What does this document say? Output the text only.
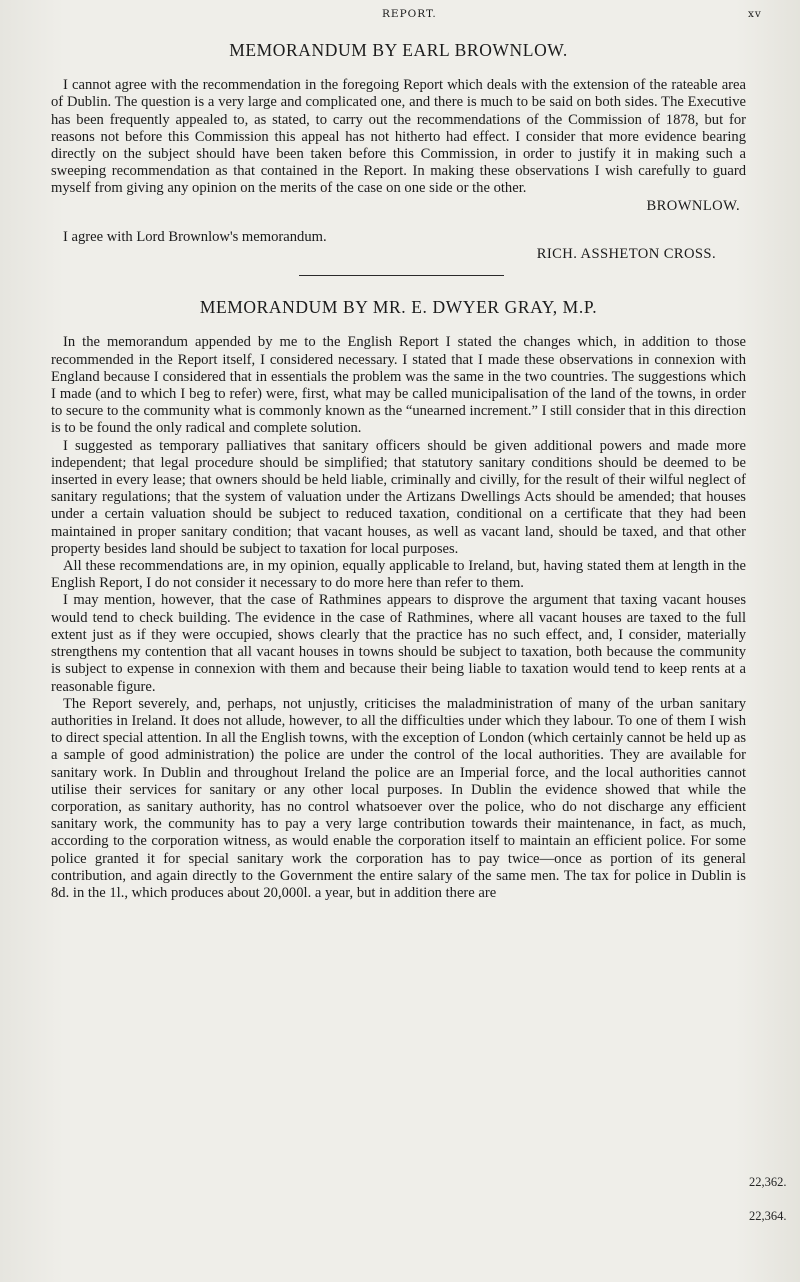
REPORT.	xv
MEMORANDUM BY EARL BROWNLOW.

I cannot agree with the recommendation in the foregoing Report which deals with the extension of the rateable area of Dublin. The question is a very large and complicated one, and there is much to be said on both sides. The Executive has been frequently appealed to, as stated, to carry out the recommendations of the Commission of 1878, but for reasons not before this Commission this appeal has not hitherto had effect. I consider that more evidence bearing directly on the subject should have been taken before this Commission, in order to justify it in making such a sweeping recommendation as that contained in the Report. In making these observations I wish carefully to guard myself from giving any opinion on the merits of the case on one side or the other.

BROWNLOW.

I agree with Lord Brownlow's memorandum.

RICH. ASSHETON CROSS.

MEMORANDUM BY MR. E. DWYER GRAY, M.P.

In the memorandum appended by me to the English Report I stated the changes which, in addition to those recommended in the Report itself, I considered necessary. I stated that I made these observations in connexion with England because I considered that in essentials the problem was the same in the two countries. The suggestions which I made (and to which I beg to refer) were, first, what may be called municipalisation of the land of the towns, in order to secure to the community what is commonly known as the “unearned increment.” I still consider that in this direction is to be found the only radical and complete solution.

I suggested as temporary palliatives that sanitary officers should be given additional powers and made more independent; that legal procedure should be simplified; that statutory sanitary conditions should be deemed to be inserted in every lease; that owners should be held liable, criminally and civilly, for the result of their wilful neglect of sanitary regulations; that the system of valuation under the Artizans Dwellings Acts should be amended; that houses under a certain valuation should be subject to reduced taxation, conditional on a certificate that they had been maintained in proper sanitary condition; that vacant houses, as well as vacant land, should be taxed, and that other property besides land should be subject to taxation for local purposes.

All these recommendations are, in my opinion, equally applicable to Ireland, but, having stated them at length in the English Report, I do not consider it necessary to do more here than refer to them.

I may mention, however, that the case of Rathmines appears to disprove the argument that taxing vacant houses would tend to check building. The evidence in the case of Rathmines, where all vacant houses are taxed to the full extent just as if they were occupied, shows clearly that the practice has no such effect, and, I consider, materially strengthens my contention that all vacant houses in towns should be subject to taxation, both because the community is subject to expense in connexion with them and because their being liable to taxation would tend to keep rents at a reasonable figure.

The Report severely, and, perhaps, not unjustly, criticises the maladministration of many of the urban sanitary authorities in Ireland. It does not allude, however, to all the difficulties under which they labour. To one of them I wish to direct special attention. In all the English towns, with the exception of London (which certainly cannot be held up as a sample of good administration) the police are under the control of the local authorities. They are available for sanitary work. In Dublin and throughout Ireland the police are an Imperial force, and the local authorities cannot utilise their services for sanitary or any other local purposes. In Dublin the evidence showed that while the corporation, as sanitary authority, has no control whatsoever over the police, who do not discharge any efficient sanitary work, the community has to pay a very large contribution towards their maintenance, in fact, as much, according to the corporation witness, as would enable the corporation itself to maintain an efficient police. For some police granted it for special sanitary work the corporation has to pay twice—once as portion of its general contribution, and again directly to the Government the entire salary of the same men. The tax for police in Dublin is 8d. in the 1l., which produces about 20,000l. a year, but in addition there are

22,362.
22,364.
